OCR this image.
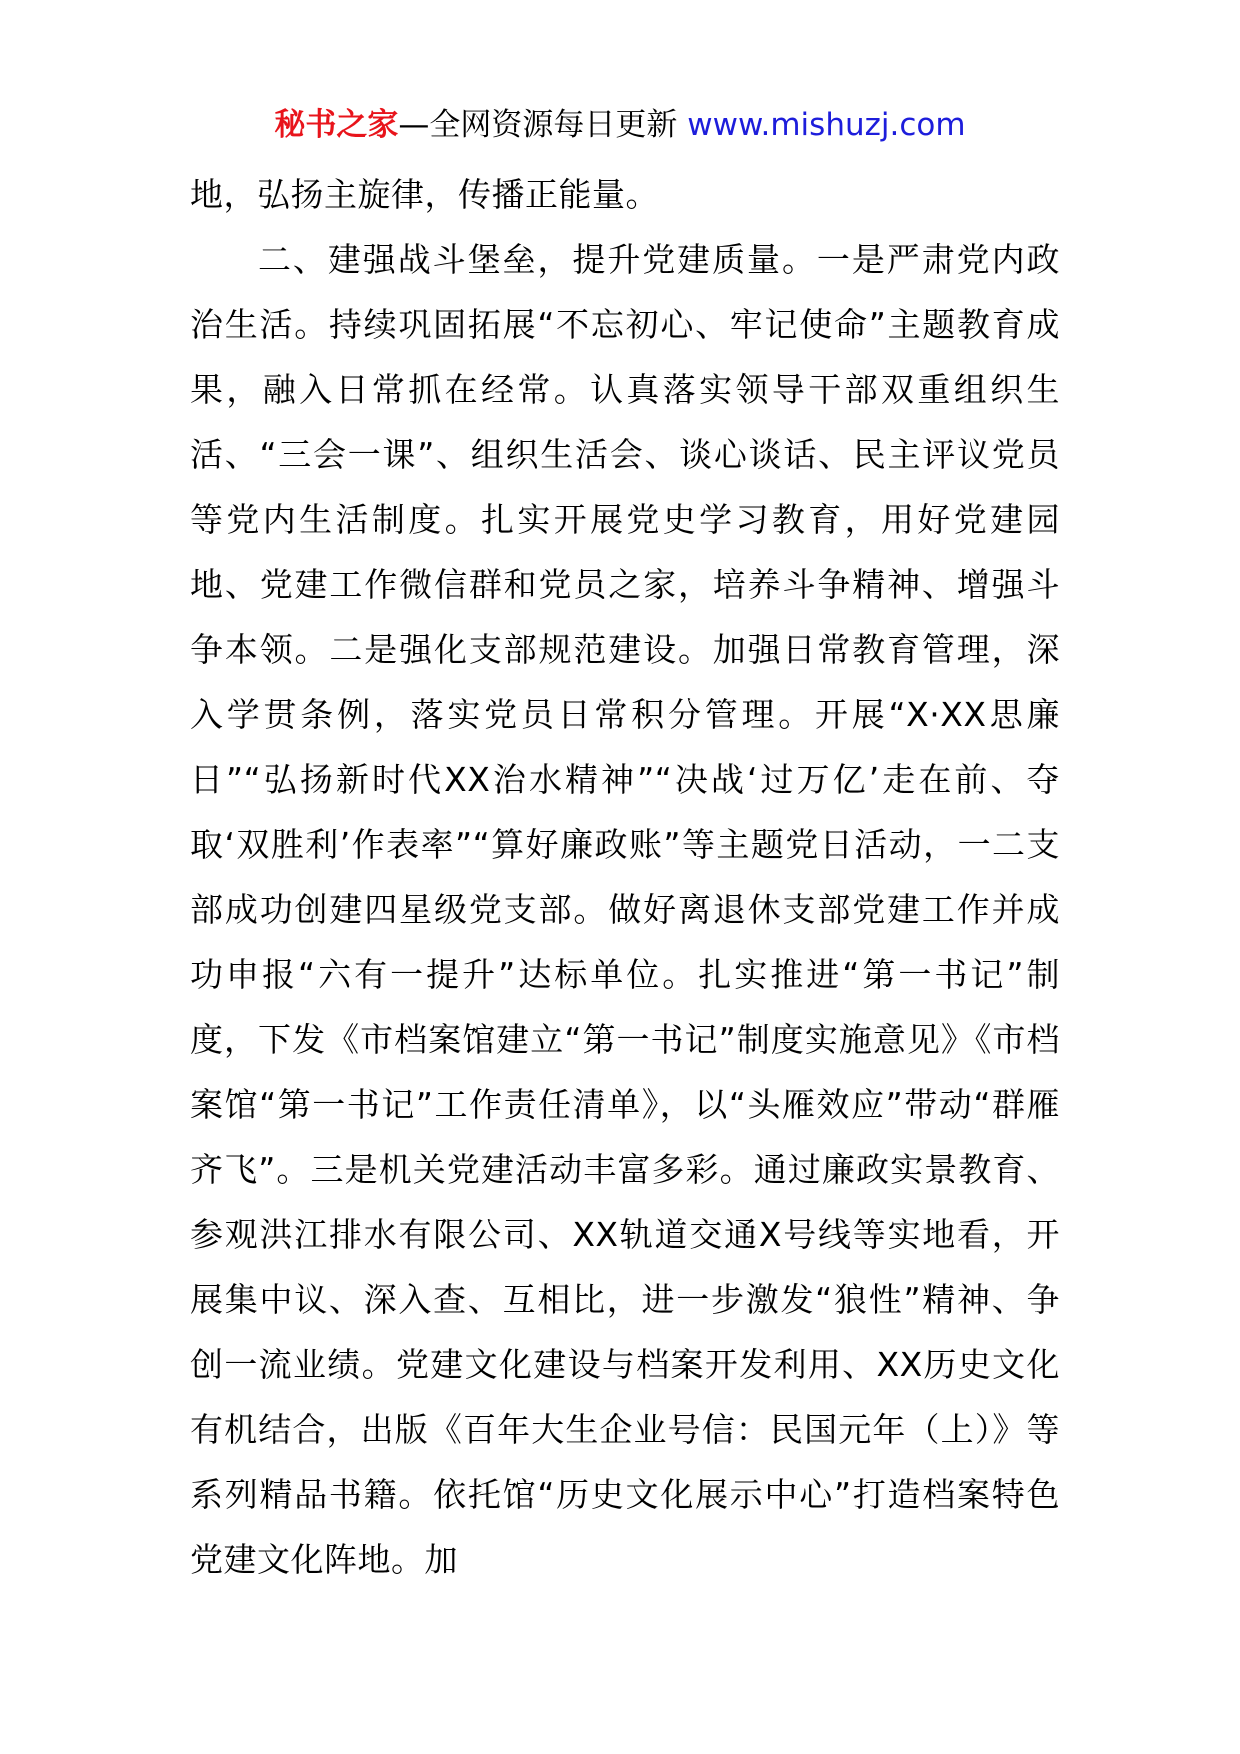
秘书之家—全网资源每日更新 www.mishuzj.com

地，弘扬主旋律，传播正能量。

二、建强战斗堡垒，提升党建质量。一是严肃党内政治生活。持续巩固拓展“不忘初心、牢记使命”主题教育成果，融入日常抓在经常。认真落实领导干部双重组织生活、“三会一课”、组织生活会、谈心谈话、民主评议党员等党内生活制度。扎实开展党史学习教育，用好党建园地、党建工作微信群和党员之家，培养斗争精神、增强斗争本领。二是强化支部规范建设。加强日常教育管理，深入学贯条例，落实党员日常积分管理。开展“X·XX思廉日”“弘扬新时代XX治水精神”“决战‘过万亿’走在前、夺取‘双胜利’作表率”“算好廉政账”等主题党日活动，一二支部成功创建四星级党支部。做好离退休支部党建工作并成功申报“六有一提升”达标单位。扎实推进“第一书记”制度，下发《市档案馆建立“第一书记”制度实施意见》《市档案馆“第一书记”工作责任清单》，以“头雁效应”带动“群雁齐飞”。三是机关党建活动丰富多彩。通过廉政实景教育、参观洪江排水有限公司、XX轨道交通X号线等实地看，开展集中议、深入查、互相比，进一步激发“狼性”精神、争创一流业绩。党建文化建设与档案开发利用、XX历史文化有机结合，出版《百年大生企业号信：民国元年（上）》等系列精品书籍。依托馆“历史文化展示中心”打造档案特色党建文化阵地。加
